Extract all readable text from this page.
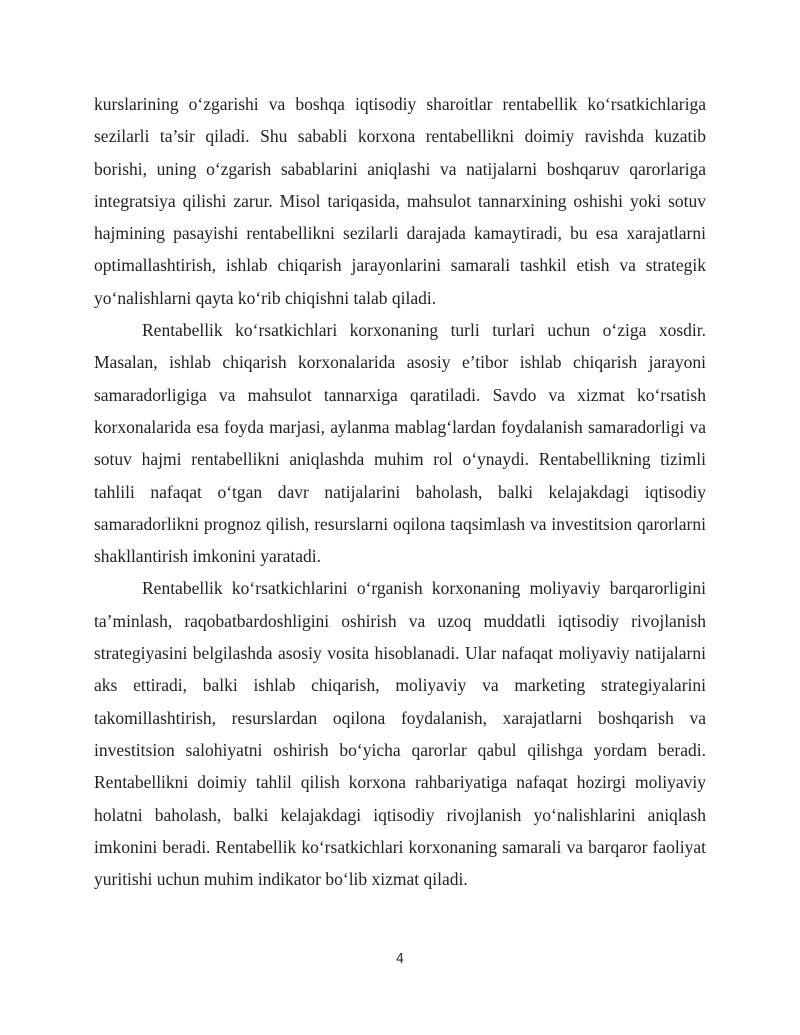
kurslarining o‘zgarishi va boshqa iqtisodiy sharoitlar rentabellik ko‘rsatkichlariga sezilarli ta’sir qiladi. Shu sababli korxona rentabellikni doimiy ravishda kuzatib borishi, uning o‘zgarish sabablarini aniqlashi va natijalarni boshqaruv qarorlariga integratsiya qilishi zarur. Misol tariqasida, mahsulot tannarxining oshishi yoki sotuv hajmining pasayishi rentabellikni sezilarli darajada kamaytiradi, bu esa xarajatlarni optimallashtirish, ishlab chiqarish jarayonlarini samarali tashkil etish va strategik yo‘nalishlarni qayta ko‘rib chiqishni talab qiladi.

Rentabellik ko‘rsatkichlari korxonaning turli turlari uchun o‘ziga xosdir. Masalan, ishlab chiqarish korxonalarida asosiy e’tibor ishlab chiqarish jarayoni samaradorligiga va mahsulot tannarxiga qaratiladi. Savdo va xizmat ko‘rsatish korxonalarida esa foyda marjasi, aylanma mablag‘lardan foydalanish samaradorligi va sotuv hajmi rentabellikni aniqlashda muhim rol o‘ynaydi. Rentabellikning tizimli tahlili nafaqat o‘tgan davr natijalarini baholash, balki kelajakdagi iqtisodiy samaradorlikni prognoz qilish, resurslarni oqilona taqsimlash va investitsion qarorlarni shakllantirish imkonini yaratadi.

Rentabellik ko‘rsatkichlarini o‘rganish korxonaning moliyaviy barqarorligini ta’minlash, raqobatbardoshligini oshirish va uzoq muddatli iqtisodiy rivojlanish strategiyasini belgilashda asosiy vosita hisoblanadi. Ular nafaqat moliyaviy natijalarni aks ettiradi, balki ishlab chiqarish, moliyaviy va marketing strategiyalarini takomillashtirish, resurslardan oqilona foydalanish, xarajatlarni boshqarish va investitsion salohiyatni oshirish bo‘yicha qarorlar qabul qilishga yordam beradi. Rentabellikni doimiy tahlil qilish korxona rahbariyatiga nafaqat hozirgi moliyaviy holatni baholash, balki kelajakdagi iqtisodiy rivojlanish yo‘nalishlarini aniqlash imkonini beradi. Rentabellik ko‘rsatkichlari korxonaning samarali va barqaror faoliyat yuritishi uchun muhim indikator bo‘lib xizmat qiladi.

4
